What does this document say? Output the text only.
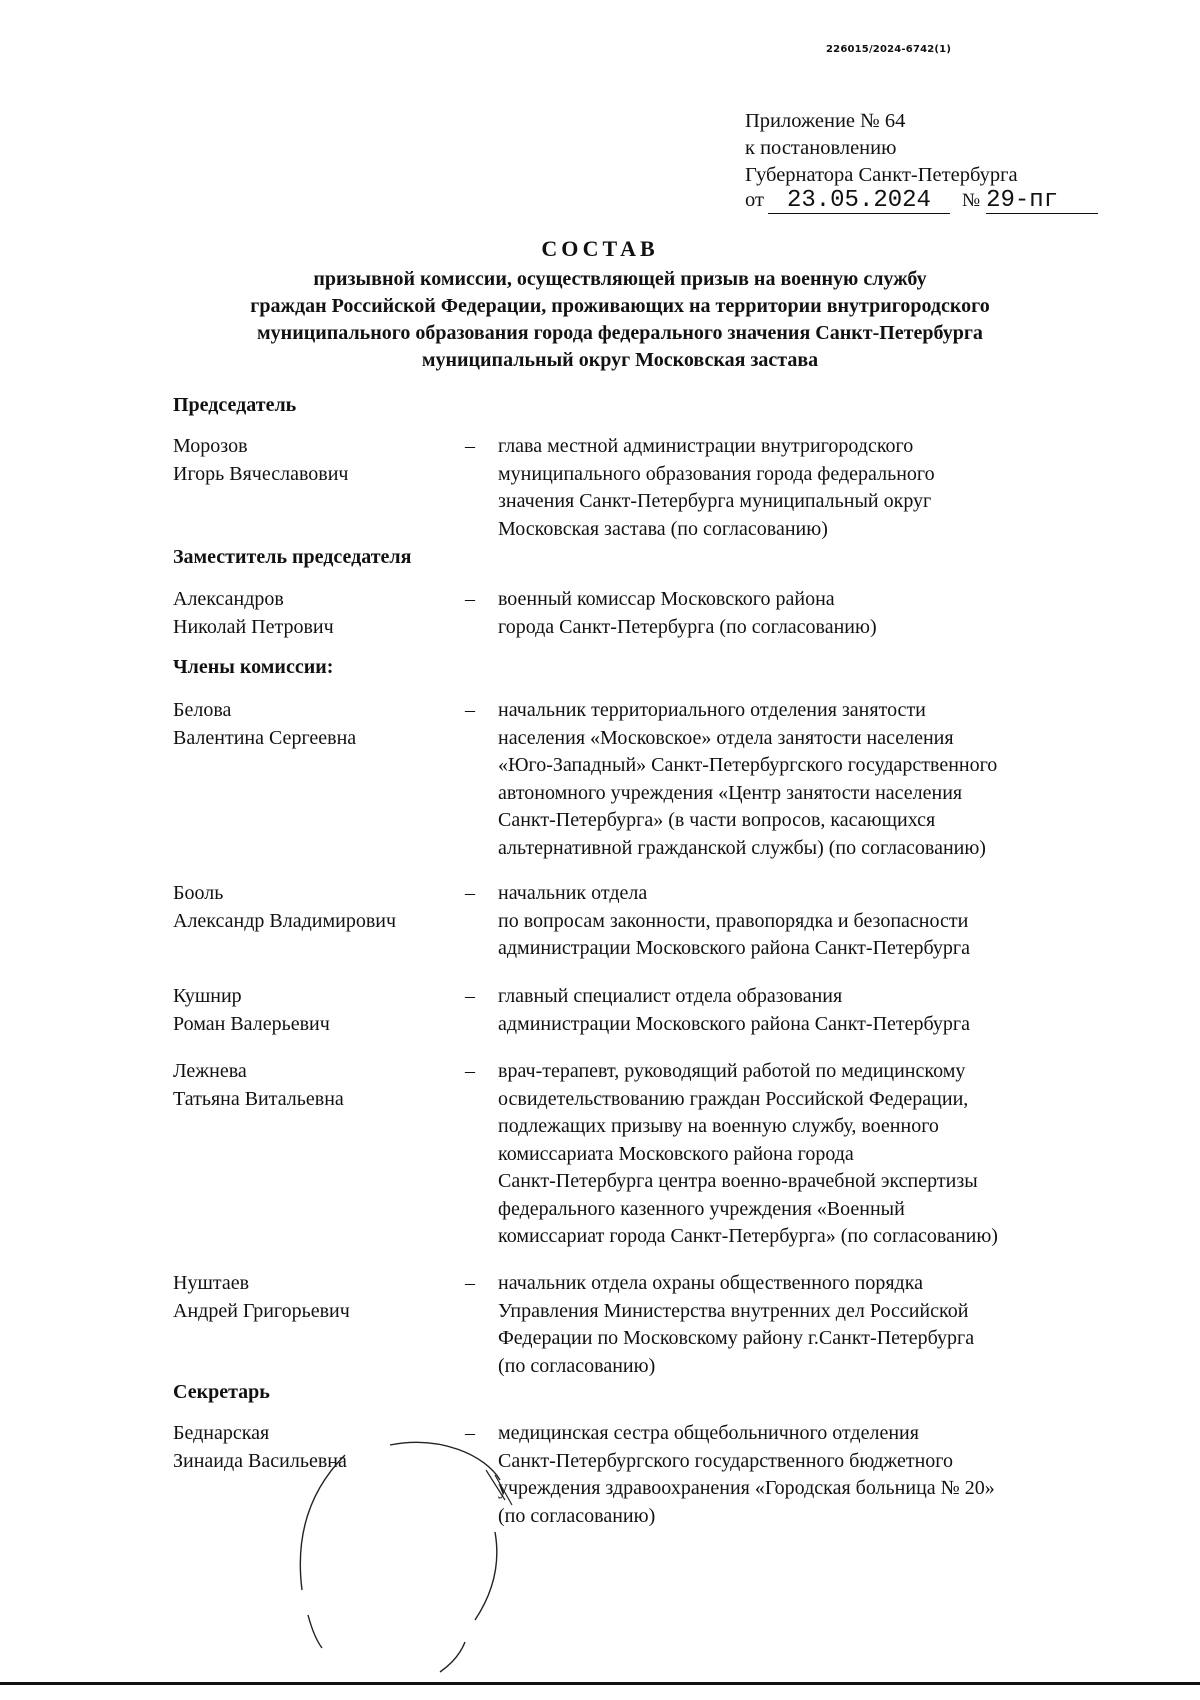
226015/2024-6742(1)
Приложение № 64
к постановлению
Губернатора Санкт-Петербурга
от 23.05.2024 № 29-пг
СОСТАВ
призывной комиссии, осуществляющей призыв на военную службу
граждан Российской Федерации, проживающих на территории внутригородского
муниципального образования города федерального значения Санкт-Петербурга
муниципальный округ Московская застава
Председатель
Морозов
Игорь Вячеславович
– глава местной администрации внутригородского
муниципального образования города федерального
значения Санкт-Петербурга муниципальный округ
Московская застава (по согласованию)
Заместитель председателя
Александров
Николай Петрович
– военный комиссар Московского района
города Санкт-Петербурга (по согласованию)
Члены комиссии:
Белова
Валентина Сергеевна
– начальник территориального отделения занятости
населения «Московское» отдела занятости населения
«Юго-Западный» Санкт-Петербургского государственного
автономного учреждения «Центр занятости населения
Санкт-Петербурга» (в части вопросов, касающихся
альтернативной гражданской службы) (по согласованию)
Бооль
Александр Владимирович
– начальник отдела
по вопросам законности, правопорядка и безопасности
администрации Московского района Санкт-Петербурга
Кушнир
Роман Валерьевич
– главный специалист отдела образования
администрации Московского района Санкт-Петербурга
Лежнева
Татьяна Витальевна
– врач-терапевт, руководящий работой по медицинскому
освидетельствованию граждан Российской Федерации,
подлежащих призыву на военную службу, военного
комиссариата Московского района города
Санкт-Петербурга центра военно-врачебной экспертизы
федерального казенного учреждения «Военный
комиссариат города Санкт-Петербурга» (по согласованию)
Нуштаев
Андрей Григорьевич
– начальник отдела охраны общественного порядка
Управления Министерства внутренних дел Российской
Федерации по Московскому району г.Санкт-Петербурга
(по согласованию)
Секретарь
Беднарская
Зинаида Васильевна
– медицинская сестра общебольничного отделения
Санкт-Петербургского государственного бюджетного
учреждения здравоохранения «Городская больница № 20»
(по согласованию)
